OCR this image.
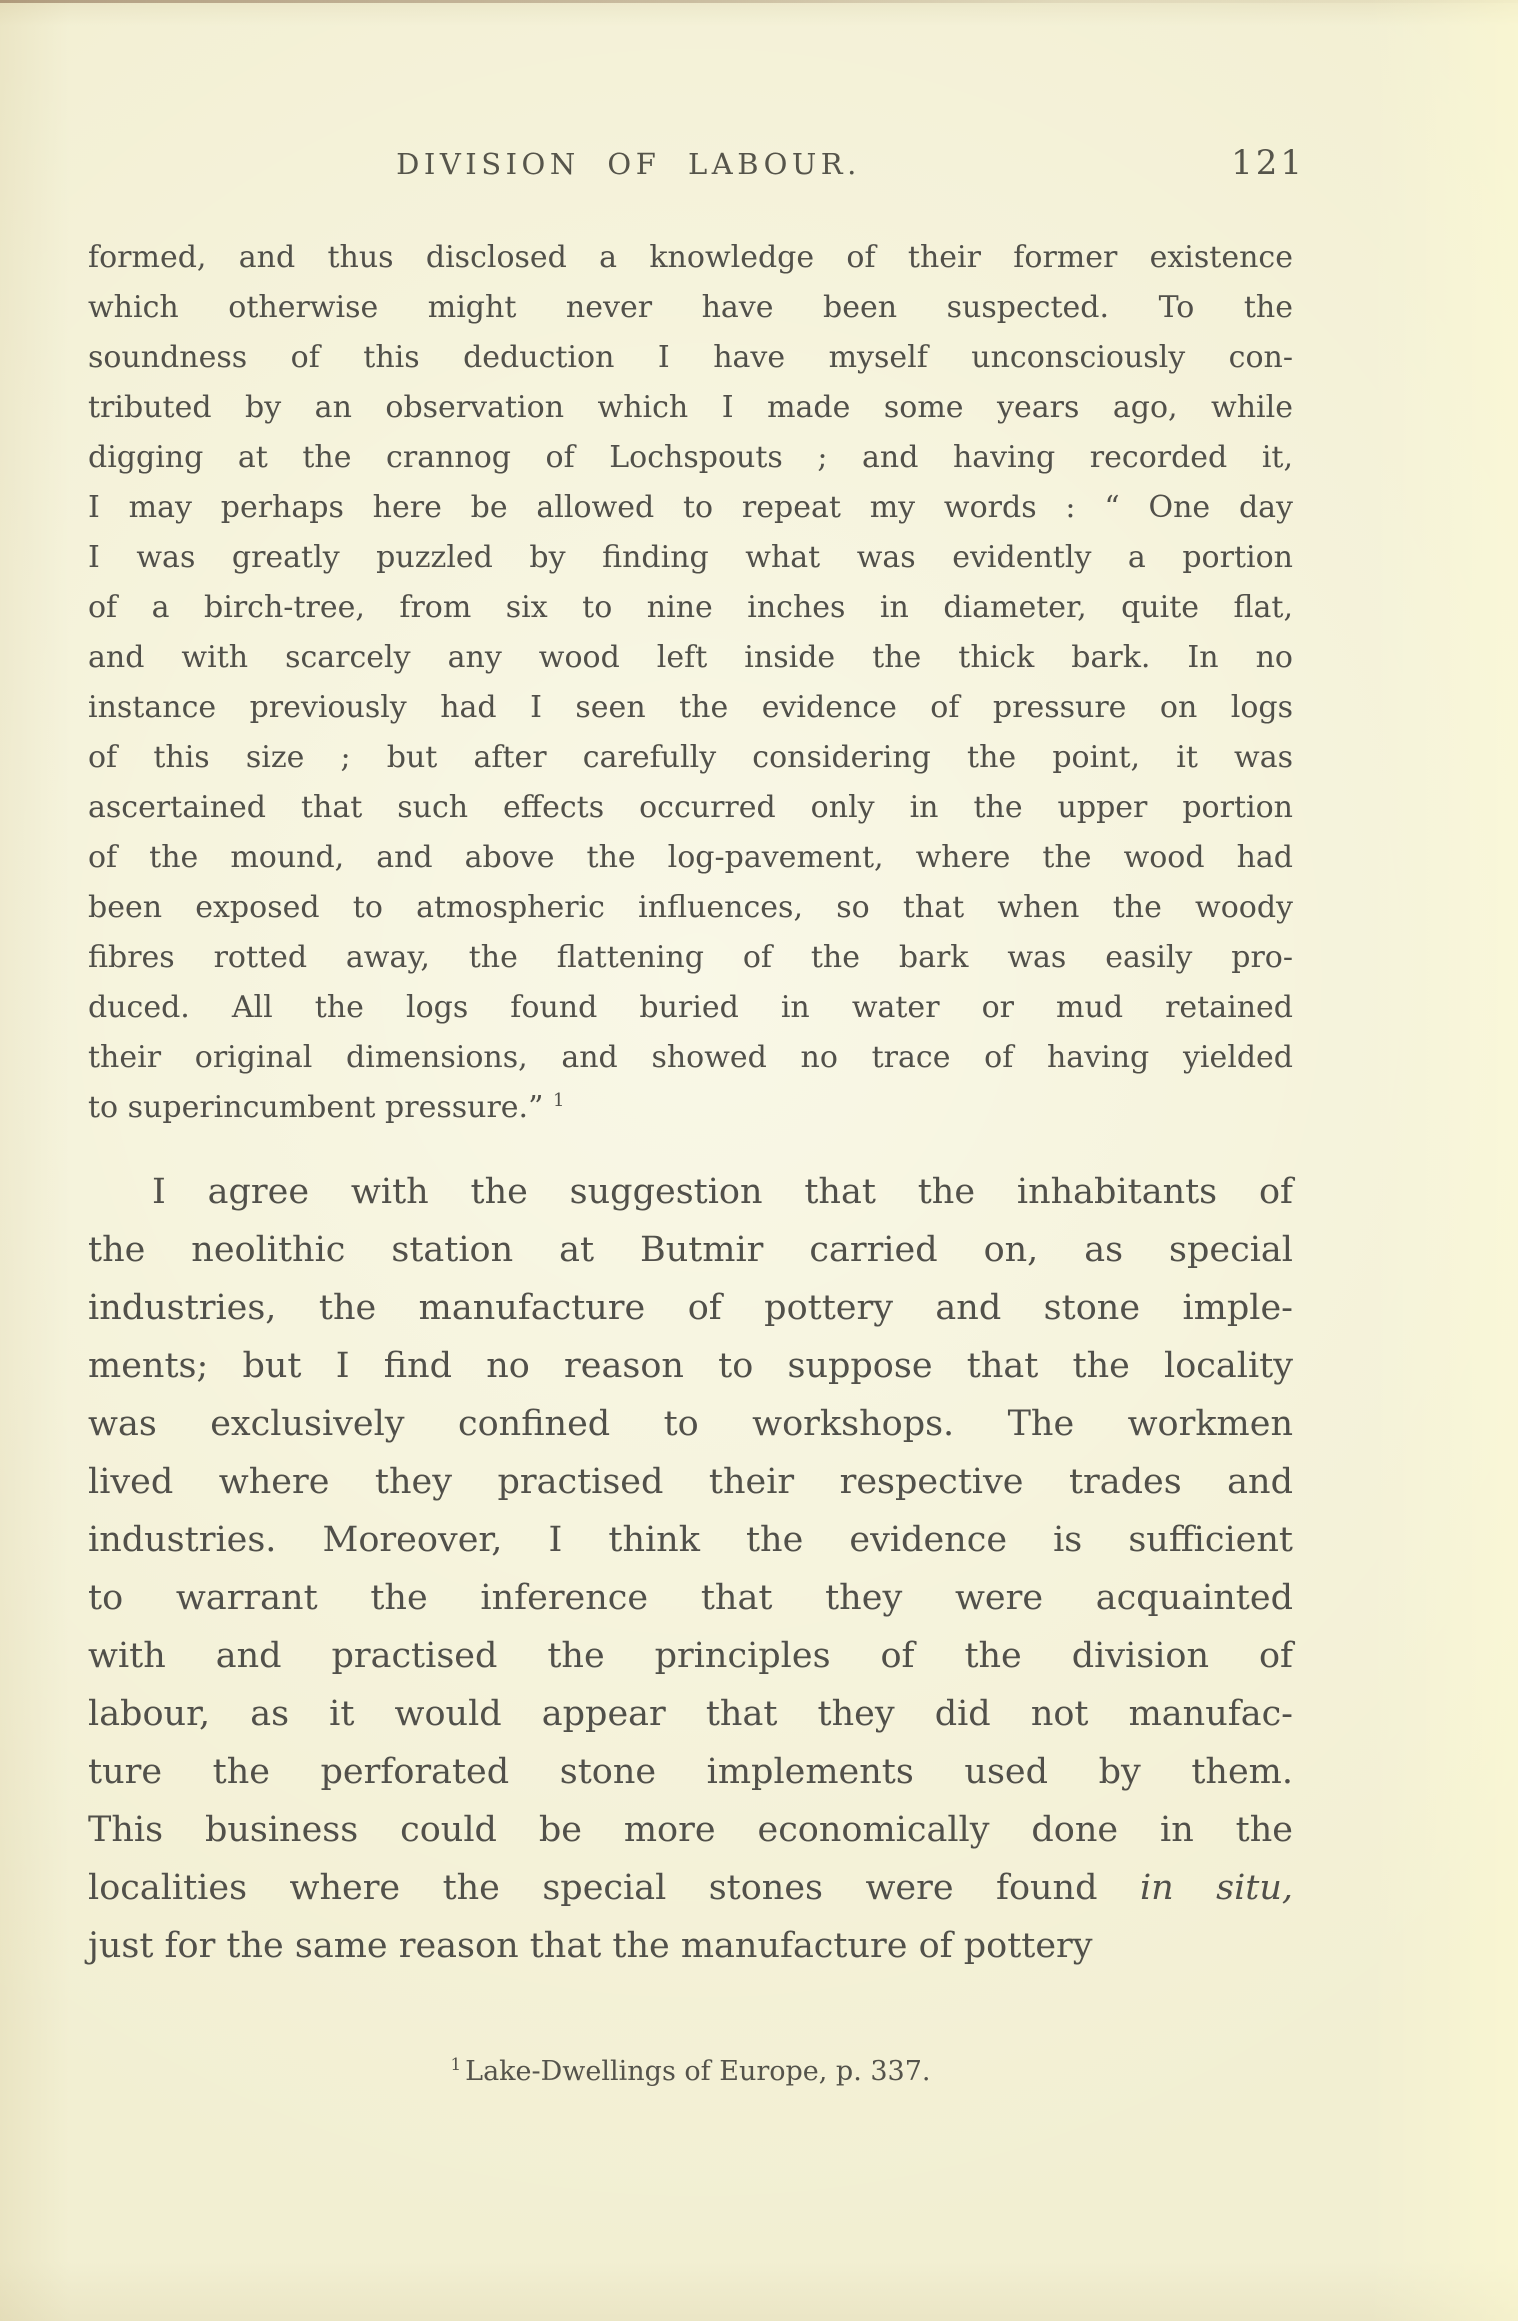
DIVISION OF LABOUR.	121
formed, and thus disclosed a knowledge of their former existence
which otherwise might never have been suspected. To the
soundness of this deduction I have myself unconsciously con-
tributed by an observation which I made some years ago, while
digging at the crannog of Lochspouts ; and having recorded it,
I may perhaps here be allowed to repeat my words : “ One day
I was greatly puzzled by finding what was evidently a portion
of a birch-tree, from six to nine inches in diameter, quite flat,
and with scarcely any wood left inside the thick bark. In no
instance previously had I seen the evidence of pressure on logs
of this size ; but after carefully considering the point, it was
ascertained that such effects occurred only in the upper portion
of the mound, and above the log-pavement, where the wood had
been exposed to atmospheric influences, so that when the woody
fibres rotted away, the flattening of the bark was easily pro-
duced. All the logs found buried in water or mud retained
their original dimensions, and showed no trace of having yielded
to superincumbent pressure.” $^1$
I agree with the suggestion that the inhabitants of
the neolithic station at Butmir carried on, as special
industries, the manufacture of pottery and stone imple-
ments; but I find no reason to suppose that the locality
was exclusively confined to workshops. The workmen
lived where they practised their respective trades and
industries. Moreover, I think the evidence is sufficient
to warrant the inference that they were acquainted
with and practised the principles of the division of
labour, as it would appear that they did not manufac-
ture the perforated stone implements used by them.
This business could be more economically done in the
localities where the special stones were found in situ,
just for the same reason that the manufacture of pottery
$^1$ Lake-Dwellings of Europe, p. 337.
